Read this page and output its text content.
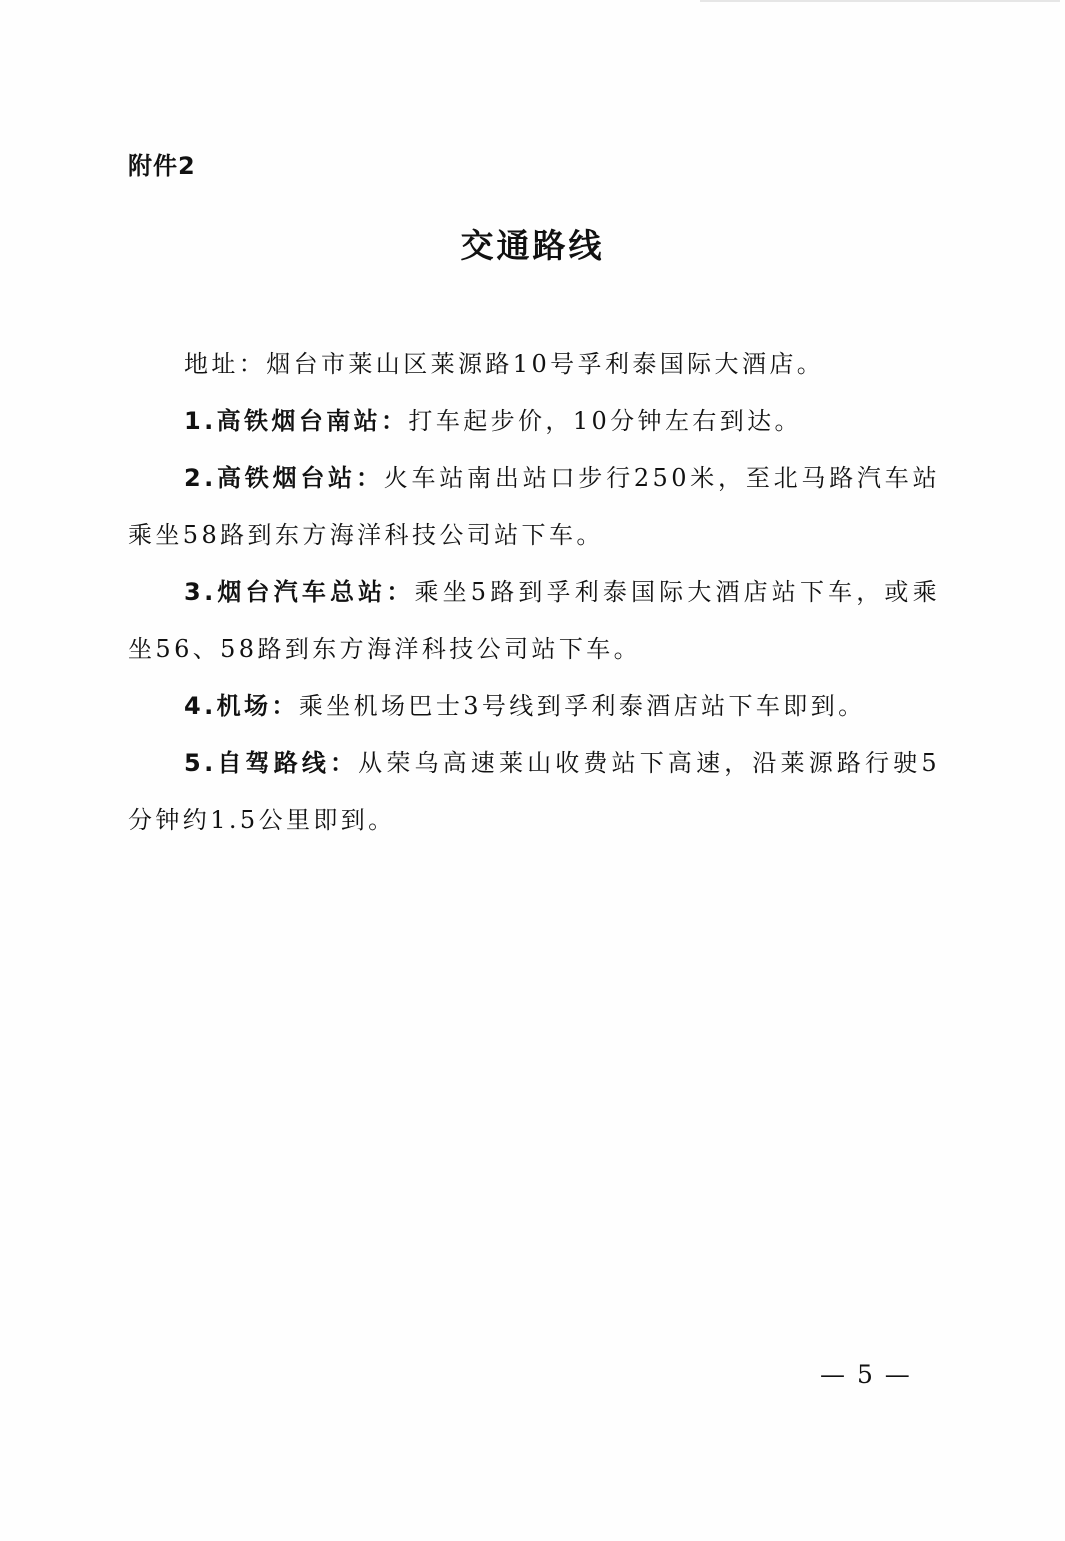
附件2
交通路线

地址：烟台市莱山区莱源路10号孚利泰国际大酒店。

1.高铁烟台南站：打车起步价，10分钟左右到达。

2.高铁烟台站：火车站南出站口步行250米，至北马路汽车站乘坐58路到东方海洋科技公司站下车。

3.烟台汽车总站：乘坐5路到孚利泰国际大酒店站下车，或乘坐56、58路到东方海洋科技公司站下车。

4.机场：乘坐机场巴士3号线到孚利泰酒店站下车即到。

5.自驾路线：从荣乌高速莱山收费站下高速，沿莱源路行驶5分钟约1.5公里即到。

— 5 —
